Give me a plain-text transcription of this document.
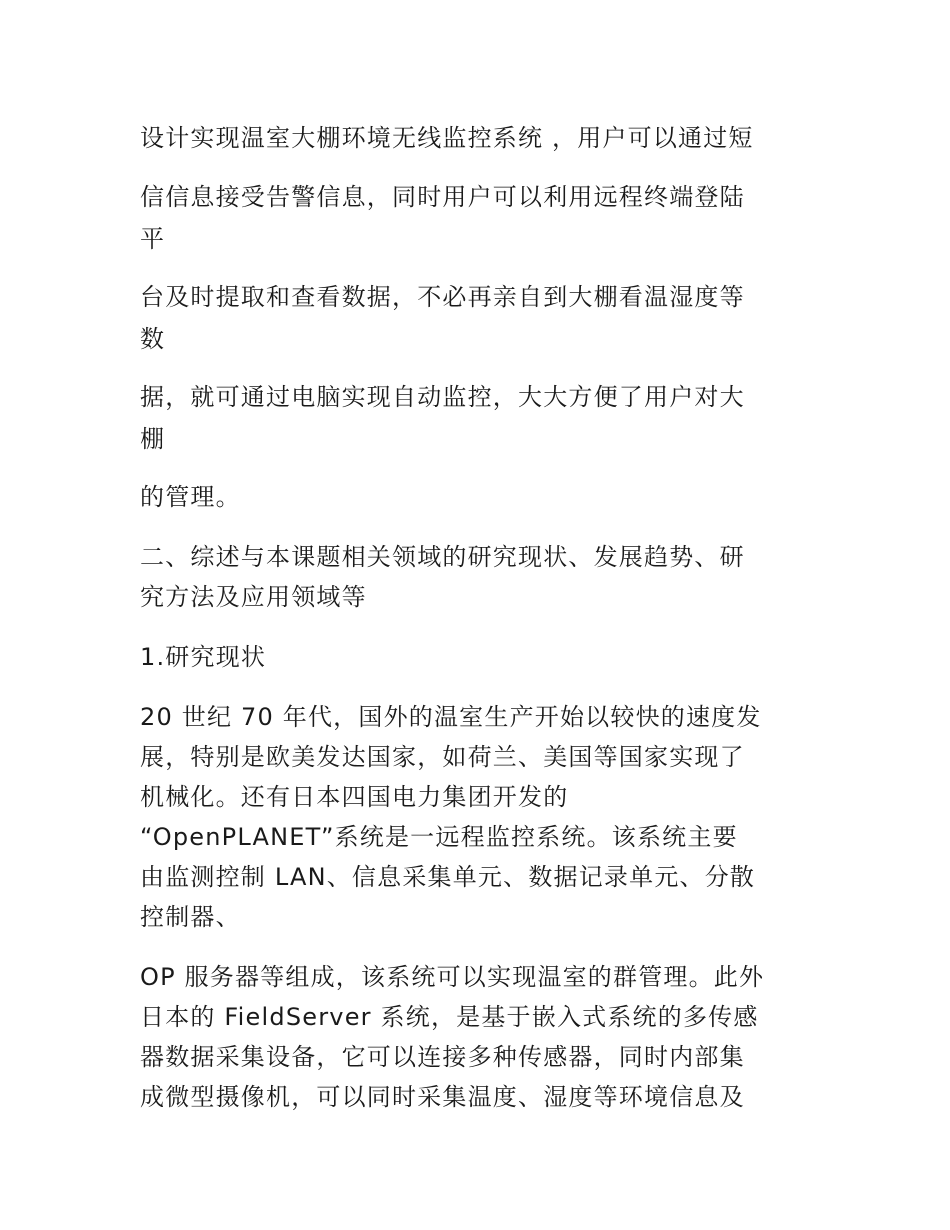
设计实现温室大棚环境无线监控系统 ，用户可以通过短
信信息接受告警信息，同时用户可以利用远程终端登陆
平
台及时提取和查看数据，不必再亲自到大棚看温湿度等
数
据，就可通过电脑实现自动监控，大大方便了用户对大
棚
的管理。
二、综述与本课题相关领域的研究现状、发展趋势、研
究方法及应用领域等
1.研究现状
20 世纪 70 年代，国外的温室生产开始以较快的速度发
展，特别是欧美发达国家，如荷兰、美国等国家实现了
机械化。还有日本四国电力集团开发的
“OpenPLANET”系统是一远程监控系统。该系统主要
由监测控制 LAN、信息采集单元、数据记录单元、分散
控制器、
OP 服务器等组成，该系统可以实现温室的群管理。此外
日本的 FieldServer 系统，是基于嵌入式系统的多传感
器数据采集设备，它可以连接多种传感器，同时内部集
成微型摄像机，可以同时采集温度、湿度等环境信息及
